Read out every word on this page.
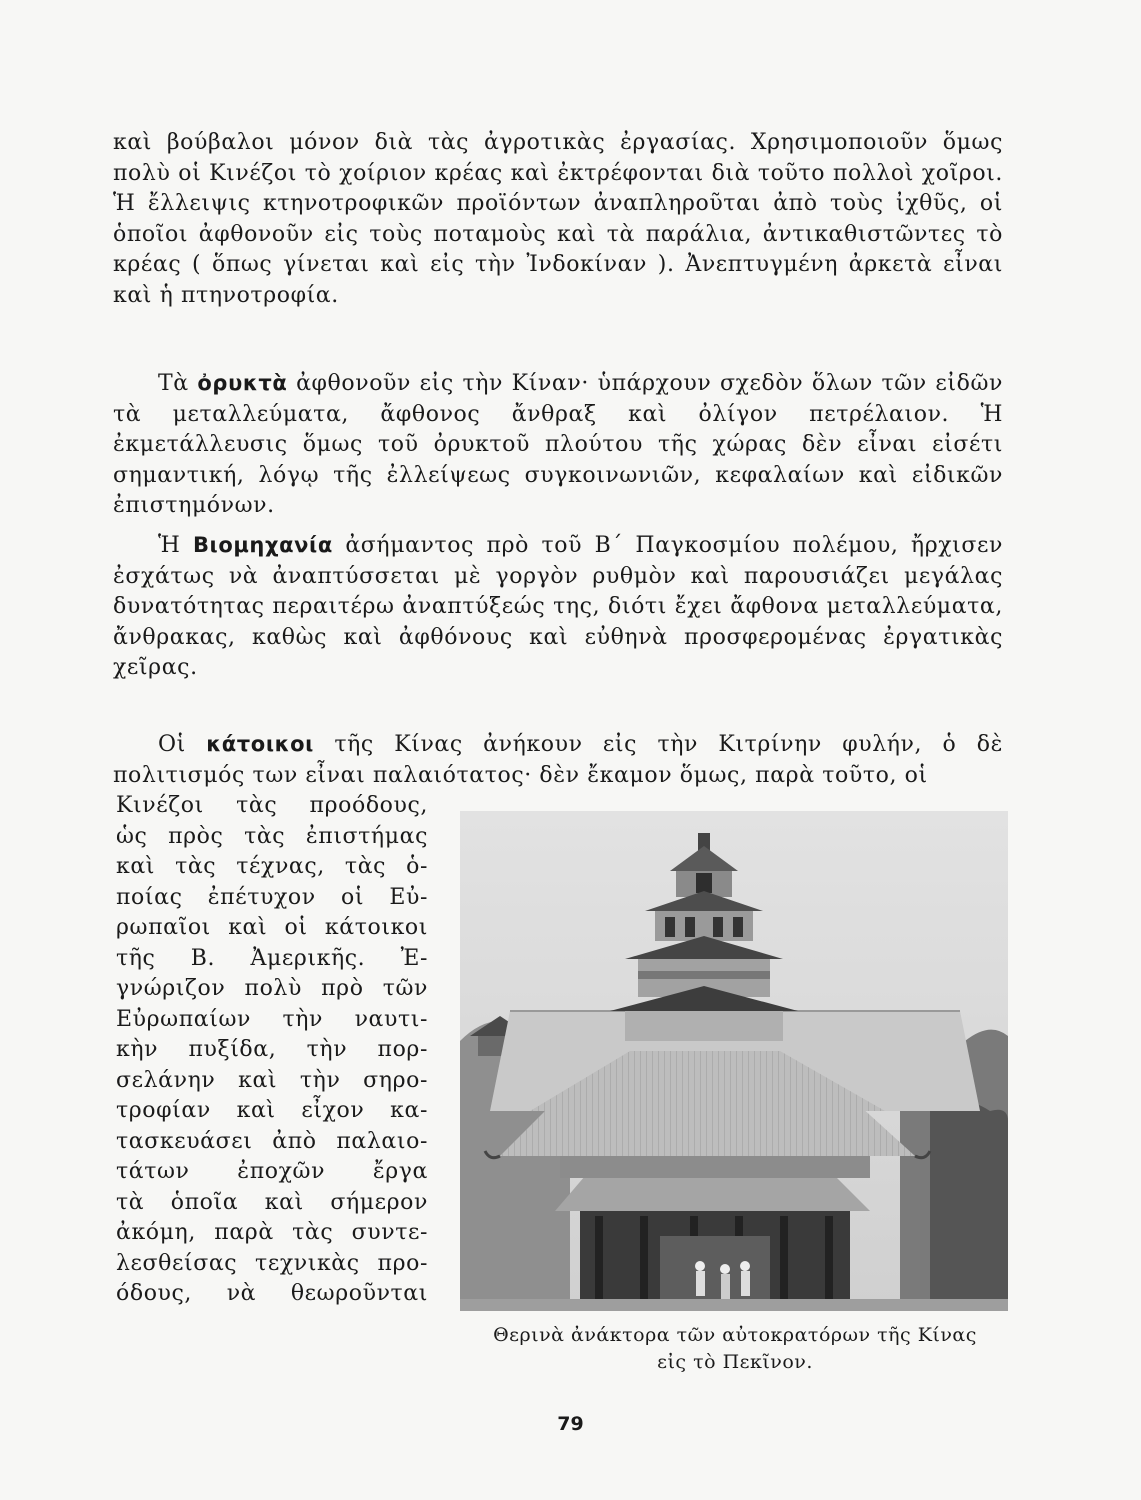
καὶ βούβαλοι μόνον διὰ τὰς ἀγροτικὰς ἐργασίας. Χρησιμοποιοῦν ὅμως πολὺ οἱ Κινέζοι τὸ χοίριον κρέας καὶ ἐκτρέφονται διὰ τοῦτο πολλοὶ χοῖροι. Ἡ ἔλλειψις κτηνοτροφικῶν προϊόντων ἀναπληροῦται ἀπὸ τοὺς ἰχθῦς, οἱ ὁποῖοι ἀφθονοῦν εἰς τοὺς ποταμοὺς καὶ τὰ παράλια, ἀντικαθιστῶντες τὸ κρέας ( ὅπως γίνεται καὶ εἰς τὴν Ἰνδοκίναν ). Ἀνεπτυγμένη ἀρκετὰ εἶναι καὶ ἡ πτηνοτροφία.

Τὰ ὀρυκτὰ ἀφθονοῦν εἰς τὴν Κίναν· ὑπάρχουν σχεδὸν ὅλων τῶν εἰδῶν τὰ μεταλλεύματα, ἄφθονος ἄνθραξ καὶ ὀλίγον πετρέλαιον. Ἡ ἐκμετάλλευσις ὅμως τοῦ ὀρυκτοῦ πλούτου τῆς χώρας δὲν εἶναι εἰσέτι σημαντική, λόγῳ τῆς ἐλλείψεως συγκοινωνιῶν, κεφαλαίων καὶ εἰδικῶν ἐπιστημόνων.

Ἡ Βιομηχανία ἀσήμαντος πρὸ τοῦ Β΄ Παγκοσμίου πολέμου, ἤρχισεν ἐσχάτως νὰ ἀναπτύσσεται μὲ γοργὸν ρυθμὸν καὶ παρουσιάζει μεγάλας δυνατότητας περαιτέρω ἀναπτύξεώς της, διότι ἔχει ἄφθονα μεταλλεύματα, ἄνθρακας, καθὼς καὶ ἀφθόνους καὶ εὐθηνὰ προσφερομένας ἐργατικὰς χεῖρας.

Οἱ κάτοικοι τῆς Κίνας ἀνήκουν εἰς τὴν Κιτρίνην φυλήν, ὁ δὲ πολιτισμός των εἶναι παλαιότατος· δὲν ἔκαμον ὅμως, παρὰ τοῦτο, οἱ

Κινέζοι τὰς προόδους,
ὡς πρὸς τὰς ἐπιστήμας
καὶ τὰς τέχνας, τὰς ὁ-
ποίας ἐπέτυχον οἱ Εὐ-
ρωπαῖοι καὶ οἱ κάτοικοι
τῆς Β. Ἀμερικῆς. Ἐ-
γνώριζον πολὺ πρὸ τῶν
Εὐρωπαίων τὴν ναυτι-
κὴν πυξίδα, τὴν πορ-
σελάνην καὶ τὴν σηρο-
τροφίαν καὶ εἶχον κα-
τασκευάσει ἀπὸ παλαιο-
τάτων ἐποχῶν ἔργα
τὰ ὁποῖα καὶ σήμερον
ἀκόμη, παρὰ τὰς συντε-
λεσθείσας τεχνικὰς προ-
όδους, νὰ θεωροῦνται

Θερινὰ ἀνάκτορα τῶν αὐτοκρατόρων τῆς Κίνας
εἰς τὸ Πεκῖνον.

79
